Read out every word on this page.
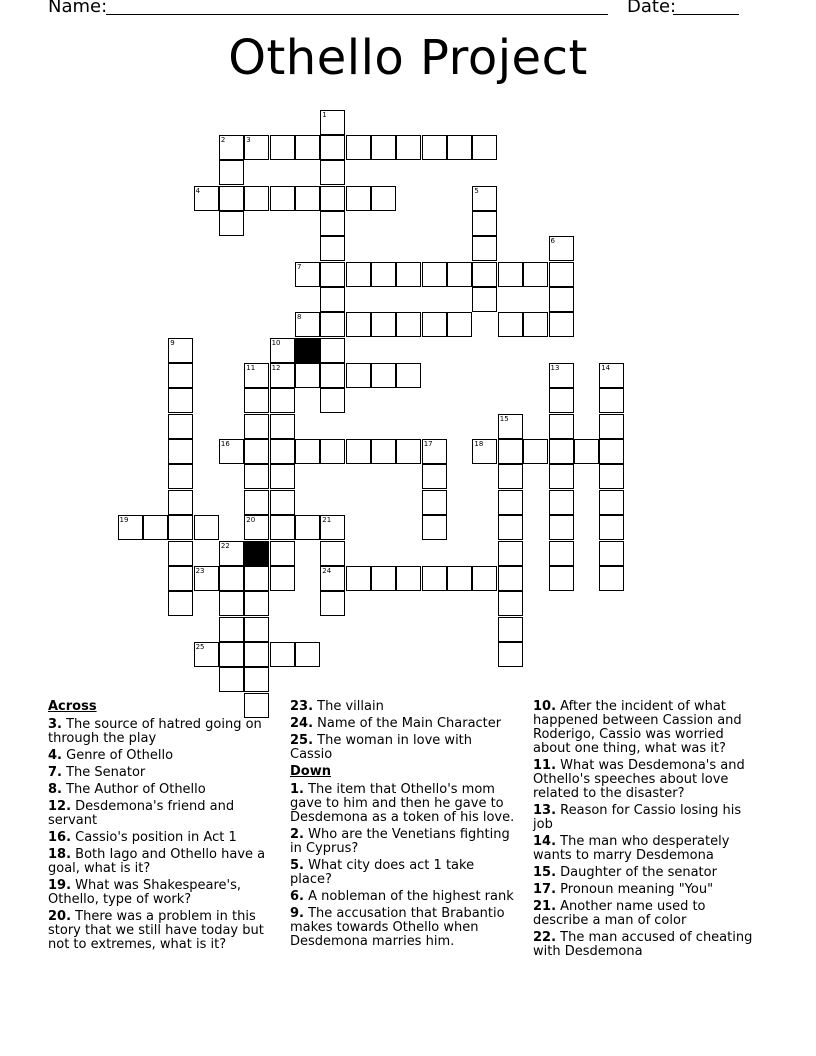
Name:	Date:
Othello Project
1
2	3
4	5
6
7
8
9	10
11 12	13	14
15
16	17	18
19	20	21
22
23	24
25
Across
3. The source of hatred going on through the play
4. Genre of Othello
7. The Senator
8. The Author of Othello
12. Desdemona's friend and servant
16. Cassio's position in Act 1
18. Both Iago and Othello have a goal, what is it?
19. What was Shakespeare's, Othello, type of work?
20. There was a problem in this story that we still have today but not to extremes, what is it?
23. The villain
24. Name of the Main Character
25. The woman in love with Cassio
Down
1. The item that Othello's mom gave to him and then he gave to Desdemona as a token of his love.
2. Who are the Venetians fighting in Cyprus?
5. What city does act 1 take place?
6. A nobleman of the highest rank
9. The accusation that Brabantio makes towards Othello when Desdemona marries him.
10. After the incident of what happened between Cassion and Roderigo, Cassio was worried about one thing, what was it?
11. What was Desdemona's and Othello's speeches about love related to the disaster?
13. Reason for Cassio losing his job
14. The man who desperately wants to marry Desdemona
15. Daughter of the senator
17. Pronoun meaning "You"
21. Another name used to describe a man of color
22. The man accused of cheating with Desdemona
